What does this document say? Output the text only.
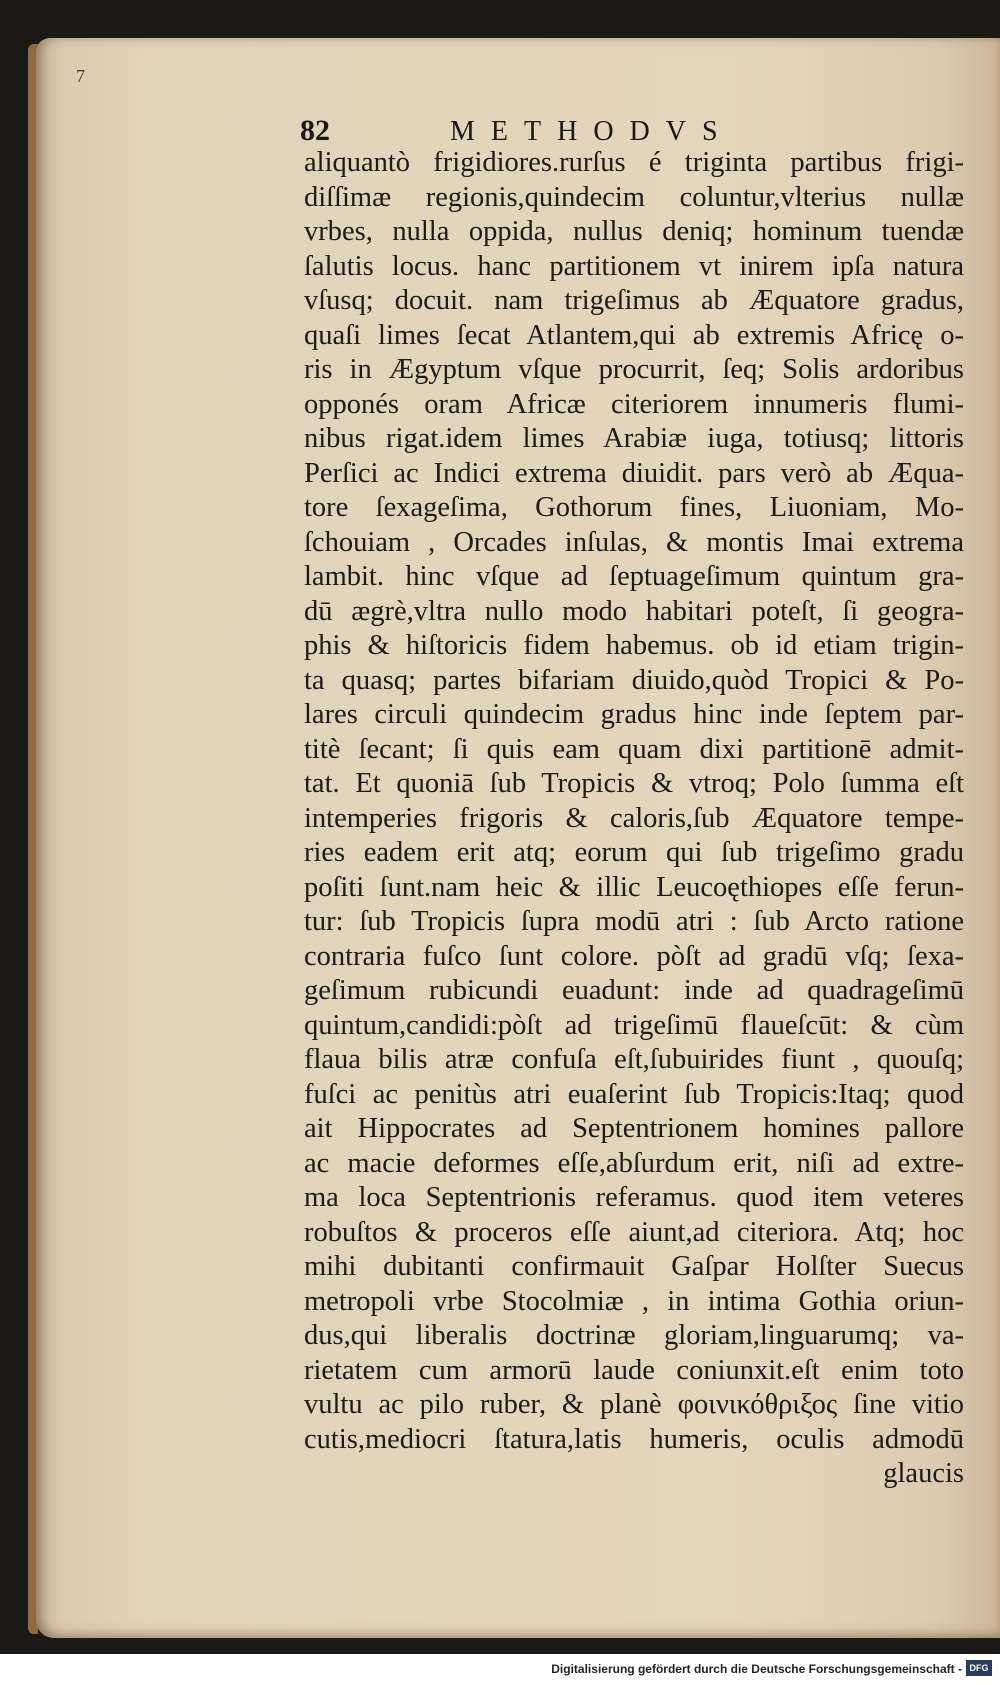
7
82	METHODVS
aliquantò frigidiores.rurſus é triginta partibus frigi-
diſſimæ regionis,quindecim coluntur,vlterius nullæ
vrbes, nulla oppida, nullus deniq; hominum tuendæ
ſalutis locus. hanc partitionem vt inirem ipſa natura
vſusq; docuit. nam trigeſimus ab Æquatore gradus,
quaſi limes ſecat Atlantem,qui ab extremis Africę o-
ris in Ægyptum vſque procurrit, ſeq; Solis ardoribus
opponés oram Africæ citeriorem innumeris flumi-
nibus rigat.idem limes Arabiæ iuga, totiusq; littoris
Perſici ac Indici extrema diuidit. pars verò ab Æqua-
tore ſexageſima, Gothorum fines, Liuoniam, Mo-
ſchouiam , Orcades inſulas, & montis Imai extrema
lambit. hinc vſque ad ſeptuageſimum quintum gra-
dū ægrè,vltra nullo modo habitari poteſt, ſi geogra-
phis & hiſtoricis fidem habemus. ob id etiam trigin-
ta quasq; partes bifariam diuido,quòd Tropici & Po-
lares circuli quindecim gradus hinc inde ſeptem par-
titè ſecant; ſi quis eam quam dixi partitionē admit-
tat. Et quoniā ſub Tropicis & vtroq; Polo ſumma eſt
intemperies frigoris & caloris,ſub Æquatore tempe-
ries eadem erit atq; eorum qui ſub trigeſimo gradu
poſiti ſunt.nam heic & illic Leucoęthiopes eſſe ferun-
tur: ſub Tropicis ſupra modū atri : ſub Arcto ratione
contraria fuſco ſunt colore. pòſt ad gradū vſq; ſexa-
geſimum rubicundi euadunt: inde ad quadrageſimū
quintum,candidi:pòſt ad trigeſimū flaueſcūt: & cùm
flaua bilis atræ confuſa eſt,ſubuirides fiunt , quouſq;
fuſci ac penitùs atri euaſerint ſub Tropicis:Itaq; quod
ait Hippocrates ad Septentrionem homines pallore
ac macie deformes eſſe,abſurdum erit, niſi ad extre-
ma loca Septentrionis referamus. quod item veteres
robuſtos & proceros eſſe aiunt,ad citeriora. Atq; hoc
mihi dubitanti confirmauit Gaſpar Holſter Suecus
metropoli vrbe Stocolmiæ , in intima Gothia oriun-
dus,qui liberalis doctrinæ gloriam,linguarumq; va-
rietatem cum armorū laude coniunxit.eſt enim toto
vultu ac pilo ruber, & planè φοινικόθριξος ſine vitio
cutis,mediocri ſtatura,latis humeris, oculis admodū
glaucis
Digitalisierung gefördert durch die Deutsche Forschungsgemeinschaft - DFG
